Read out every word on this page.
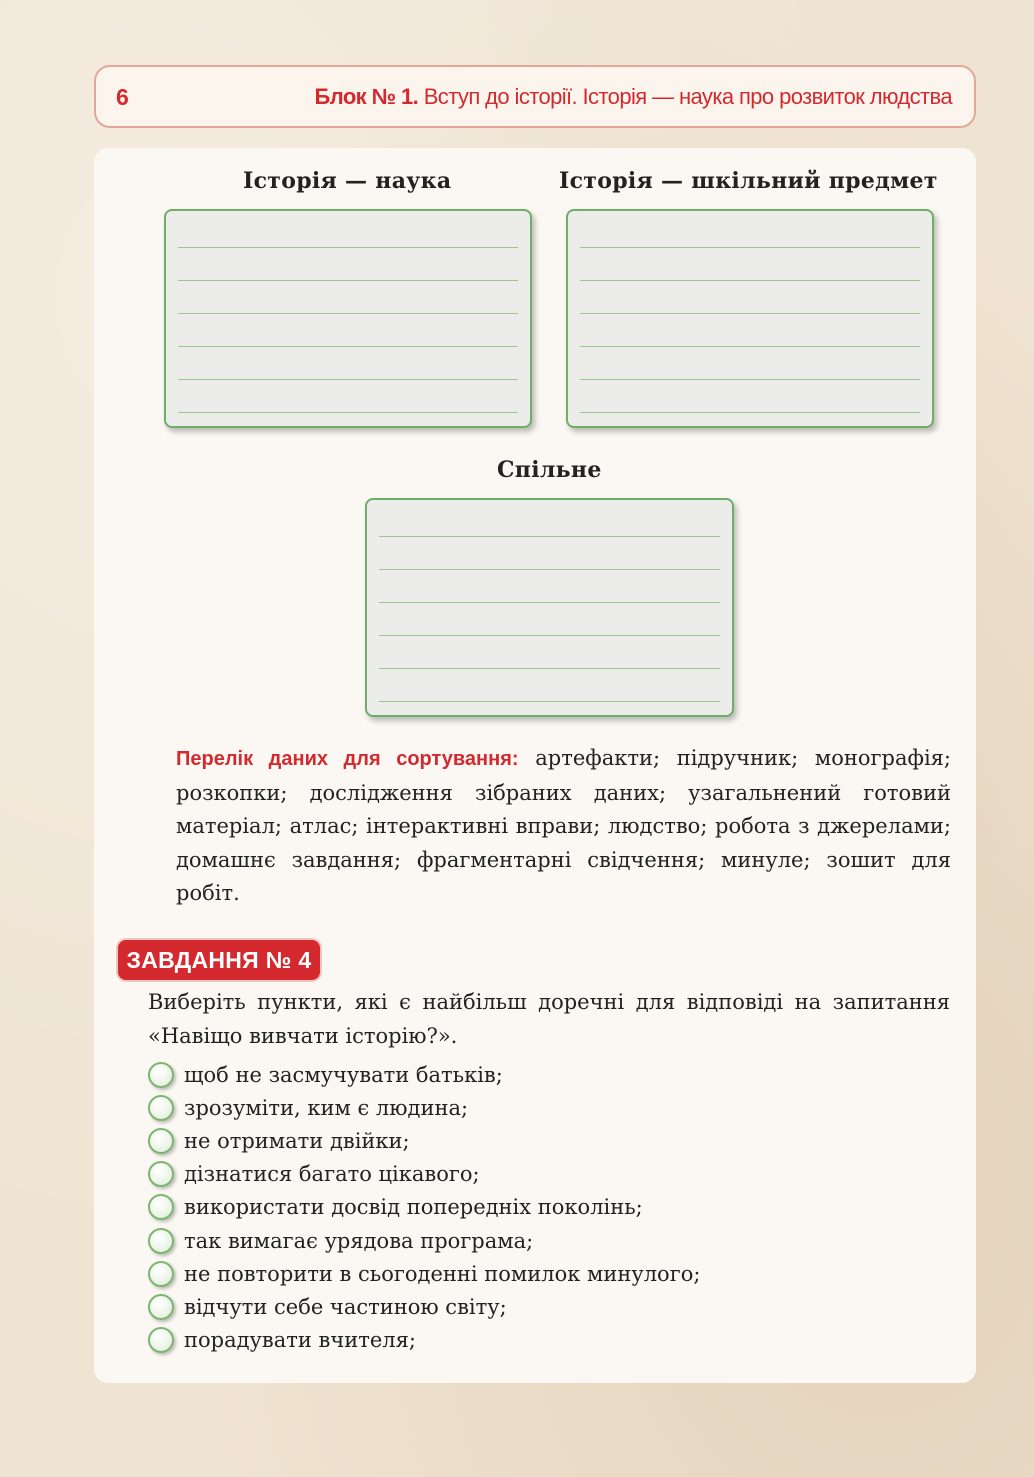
6	Блок № 1. Вступ до історії. Історія — наука про розвиток людства
Історія — наука	Історія — шкільний предмет
Спільне
Перелік даних для сортування: артефакти; підручник; монографія; розкопки; дослідження зібраних даних; узагальнений готовий матеріал; атлас; інтерактивні вправи; людство; робота з джерелами; домашнє завдання; фрагментарні свідчення; минуле; зошит для робіт.
ЗАВДАННЯ № 4
Виберіть пункти, які є найбільш доречні для відповіді на запитання «Навіщо вивчати історію?».
щоб не засмучувати батьків;
зрозуміти, ким є людина;
не отримати двійки;
дізнатися багато цікавого;
використати досвід попередніх поколінь;
так вимагає урядова програма;
не повторити в сьогоденні помилок минулого;
відчути себе частиною світу;
порадувати вчителя;
